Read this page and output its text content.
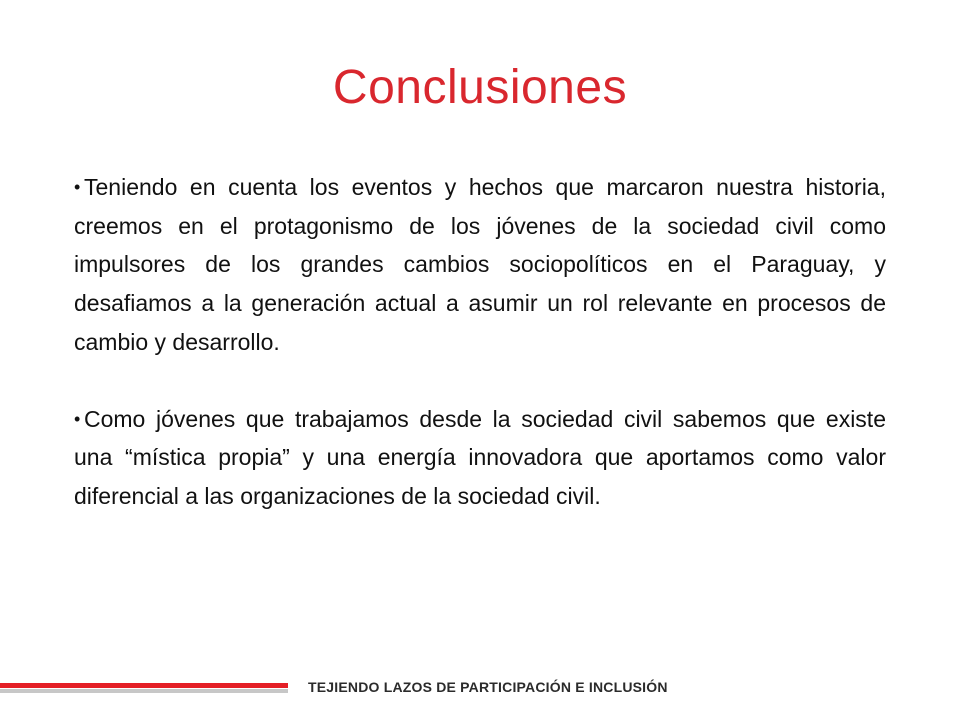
Conclusiones
• Teniendo en cuenta los eventos y hechos que marcaron nuestra historia, creemos en el protagonismo de los jóvenes de la sociedad civil como impulsores de los grandes cambios sociopolíticos en el Paraguay, y desafiamos a la generación actual a asumir un rol relevante en procesos de cambio y desarrollo.
• Como jóvenes que trabajamos desde la sociedad civil sabemos que existe una “mística propia” y una energía innovadora que aportamos como valor diferencial a las organizaciones de la sociedad civil.
TEJIENDO LAZOS DE PARTICIPACIÓN E INCLUSIÓN
